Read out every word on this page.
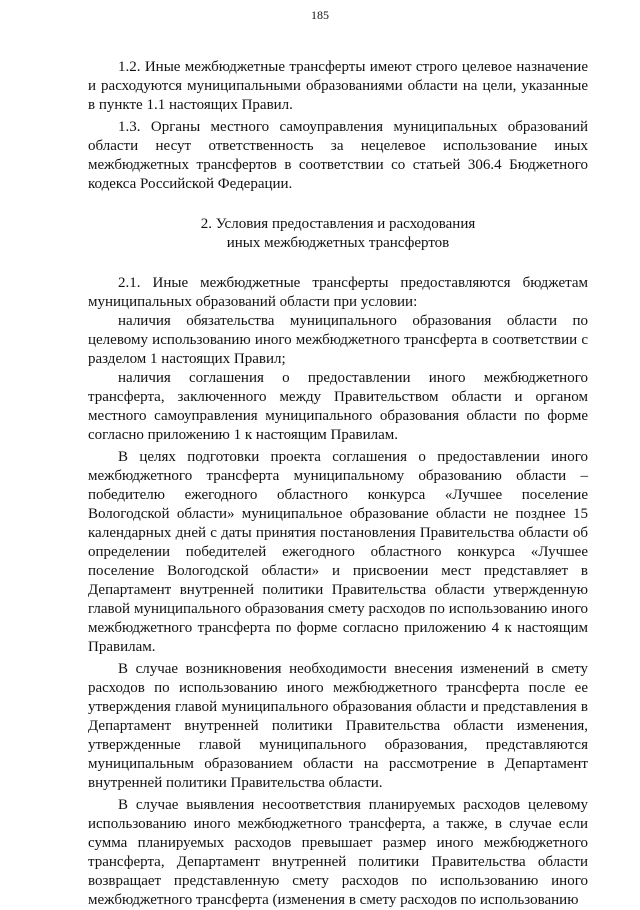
185

1.2. Иные межбюджетные трансферты имеют строго целевое назначение и расходуются муниципальными образованиями области на цели, указанные в пункте 1.1 настоящих Правил.

1.3. Органы местного самоуправления муниципальных образований области несут ответственность за нецелевое использование иных межбюджетных трансфертов в соответствии со статьей 306.4 Бюджетного кодекса Российской Федерации.

2. Условия предоставления и расходования
иных межбюджетных трансфертов

2.1. Иные межбюджетные трансферты предоставляются бюджетам муниципальных образований области при условии:

наличия обязательства муниципального образования области по целевому использованию иного межбюджетного трансферта в соответствии с разделом 1 настоящих Правил;

наличия соглашения о предоставлении иного межбюджетного трансферта, заключенного между Правительством области и органом местного самоуправления муниципального образования области по форме согласно приложению 1 к настоящим Правилам.

В целях подготовки проекта соглашения о предоставлении иного межбюджетного трансферта муниципальному образованию области – победителю ежегодного областного конкурса «Лучшее поселение Вологодской области» муниципальное образование области не позднее 15 календарных дней с даты принятия постановления Правительства области об определении победителей ежегодного областного конкурса «Лучшее поселение Вологодской области» и присвоении мест представляет в Департамент внутренней политики Правительства области утвержденную главой муниципального образования смету расходов по использованию иного межбюджетного трансферта по форме согласно приложению 4 к настоящим Правилам.

В случае возникновения необходимости внесения изменений в смету расходов по использованию иного межбюджетного трансферта после ее утверждения главой муниципального образования области и представления в Департамент внутренней политики Правительства области изменения, утвержденные главой муниципального образования, представляются муниципальным образованием области на рассмотрение в Департамент внутренней политики Правительства области.

В случае выявления несоответствия планируемых расходов целевому использованию иного межбюджетного трансферта, а также, в случае если сумма планируемых расходов превышает размер иного межбюджетного трансферта, Департамент внутренней политики Правительства области возвращает представленную смету расходов по использованию иного межбюджетного трансферта (изменения в смету расходов по использованию
